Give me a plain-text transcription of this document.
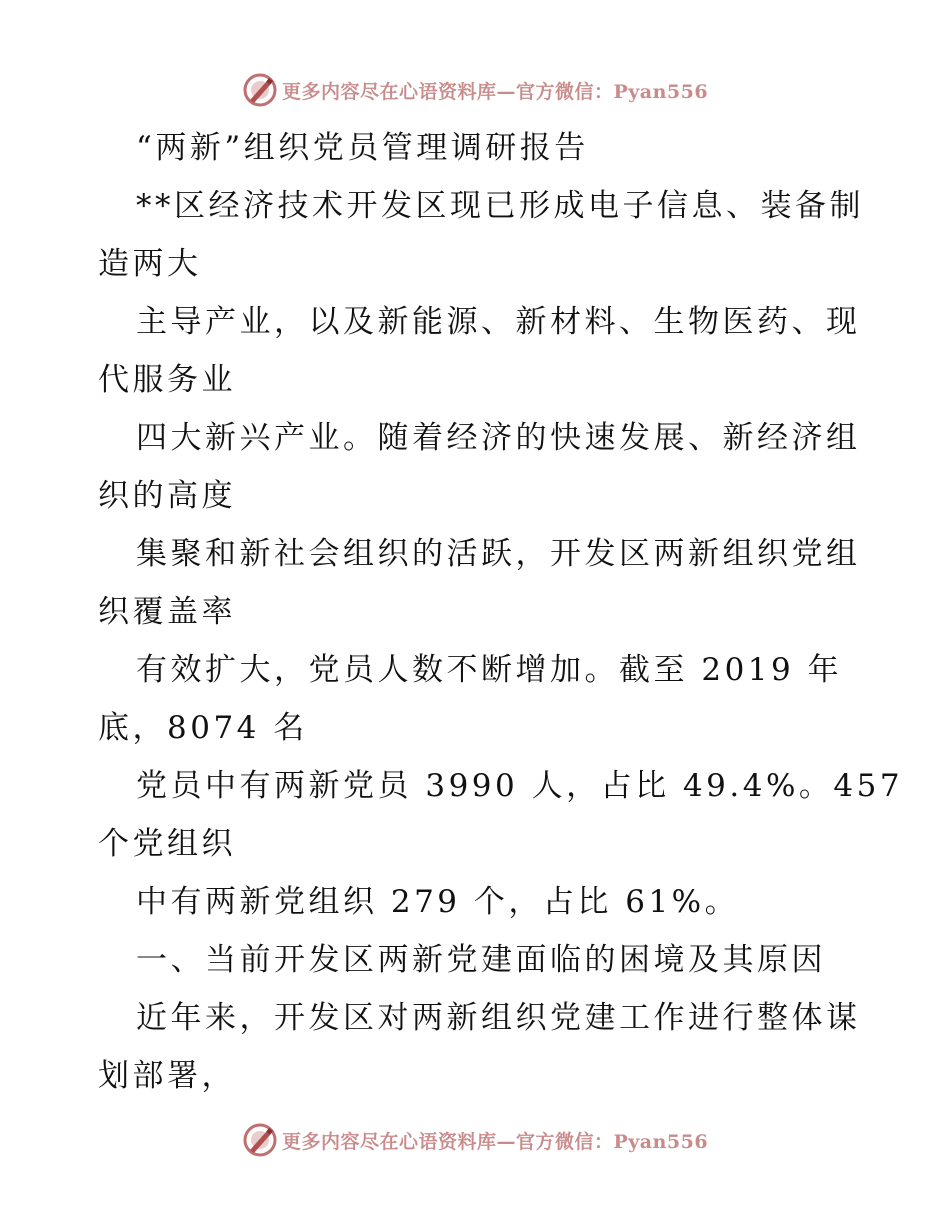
更多内容尽在心语资料库—官方微信：Pyan556
“两新”组织党员管理调研报告
**区经济技术开发区现已形成电子信息、装备制
造两大
主导产业，以及新能源、新材料、生物医药、现
代服务业
四大新兴产业。随着经济的快速发展、新经济组
织的高度
集聚和新社会组织的活跃，开发区两新组织党组
织覆盖率
有效扩大，党员人数不断增加。截至 2019 年
底，8074 名
党员中有两新党员 3990 人，占比 49.4%。457
个党组织
中有两新党组织 279 个，占比 61%。
一、当前开发区两新党建面临的困境及其原因
近年来，开发区对两新组织党建工作进行整体谋
划部署，
更多内容尽在心语资料库—官方微信：Pyan556
